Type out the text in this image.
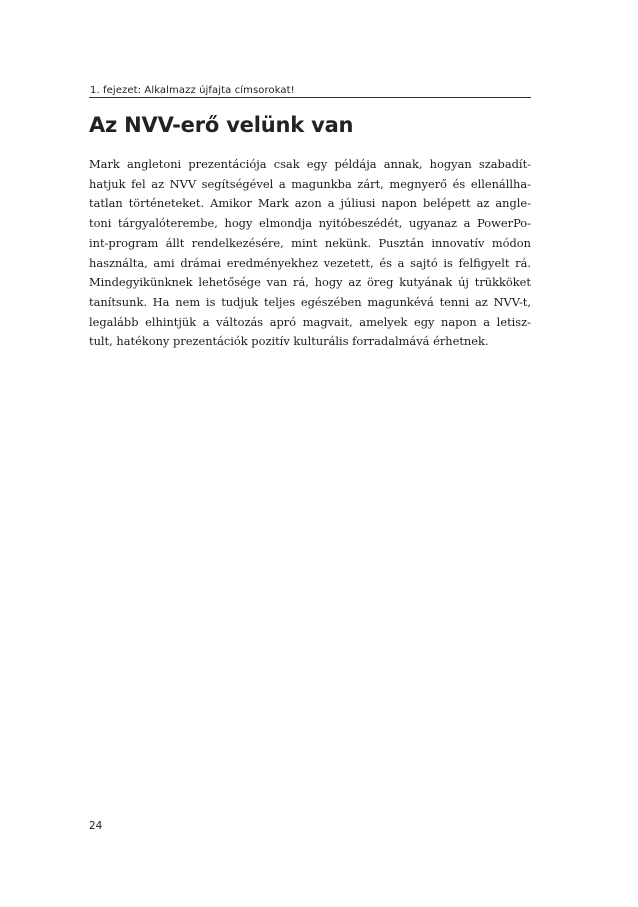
1. fejezet: Alkalmazz újfajta címsorokat!
Az NVV-erő velünk van
Mark angletoni prezentációja csak egy példája annak, hogyan szabadít-
hatjuk fel az NVV segítségével a magunkba zárt, megnyerő és ellenállha-
tatlan történeteket. Amikor Mark azon a júliusi napon belépett az angle-
toni tárgyalóterembe, hogy elmondja nyitóbeszédét, ugyanaz a PowerPo-
int-program állt rendelkezésére, mint nekünk. Pusztán innovatív módon
használta, ami drámai eredményekhez vezetett, és a sajtó is felfigyelt rá.
Mindegyikünknek lehetősége van rá, hogy az öreg kutyának új trükköket
tanítsunk. Ha nem is tudjuk teljes egészében magunkévá tenni az NVV-t,
legalább elhintjük a változás apró magvait, amelyek egy napon a letisz-
tult, hatékony prezentációk pozitív kulturális forradalmává érhetnek.
24
